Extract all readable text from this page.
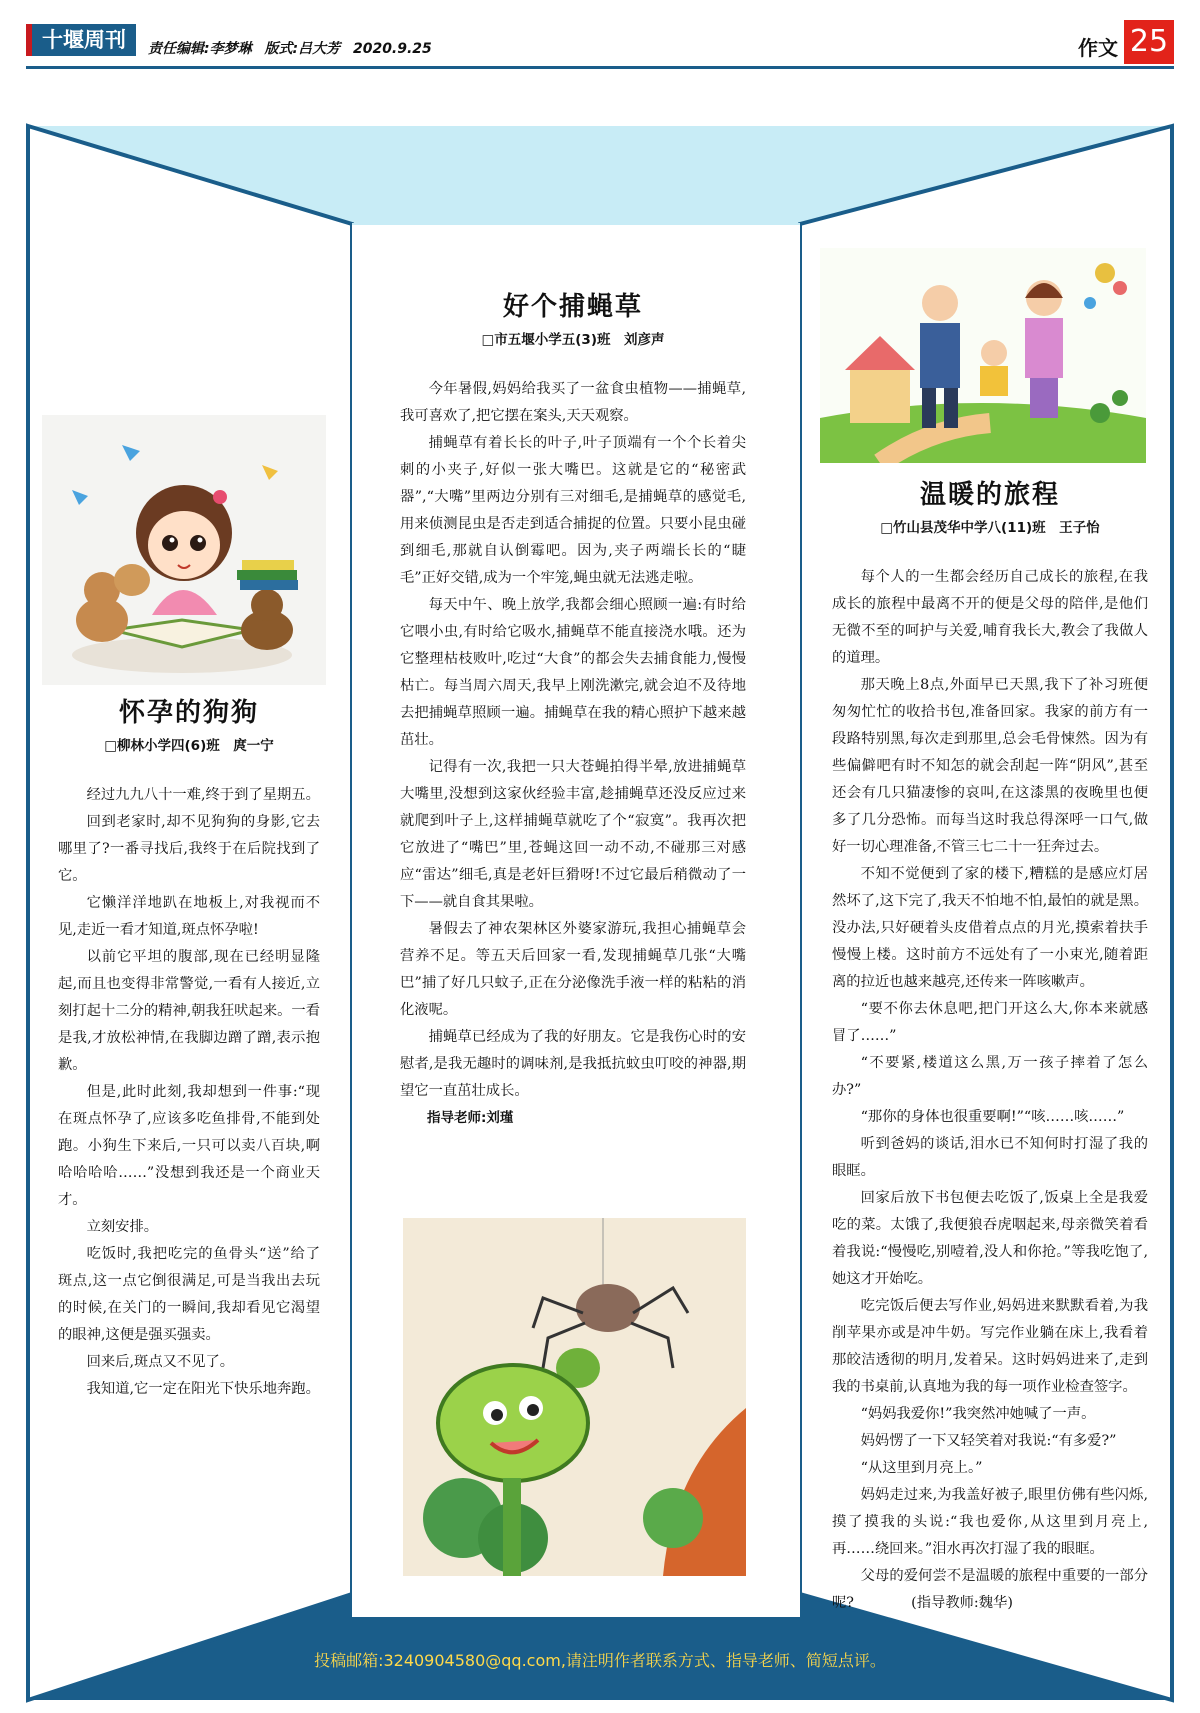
十堰周刊	责任编辑:李梦琳 版式:吕大芳 2020.9.25	作文 25
怀孕的狗狗
□柳林小学四(6)班　庹一宁

经过九九八十一难,终于到了星期五。

回到老家时,却不见狗狗的身影,它去哪里了?一番寻找后,我终于在后院找到了它。

它懒洋洋地趴在地板上,对我视而不见,走近一看才知道,斑点怀孕啦!

以前它平坦的腹部,现在已经明显隆起,而且也变得非常警觉,一看有人接近,立刻打起十二分的精神,朝我狂吠起来。一看是我,才放松神情,在我脚边蹭了蹭,表示抱歉。

但是,此时此刻,我却想到一件事:“现在斑点怀孕了,应该多吃鱼排骨,不能到处跑。小狗生下来后,一只可以卖八百块,啊哈哈哈哈……”没想到我还是一个商业天才。

立刻安排。

吃饭时,我把吃完的鱼骨头“送”给了斑点,这一点它倒很满足,可是当我出去玩的时候,在关门的一瞬间,我却看见它渴望的眼神,这便是强买强卖。

回来后,斑点又不见了。

我知道,它一定在阳光下快乐地奔跑。

好个捕蝇草
□市五堰小学五(3)班　刘彦声

今年暑假,妈妈给我买了一盆食虫植物——捕蝇草,我可喜欢了,把它摆在案头,天天观察。

捕蝇草有着长长的叶子,叶子顶端有一个个长着尖刺的小夹子,好似一张大嘴巴。这就是它的“秘密武器”,“大嘴”里两边分别有三对细毛,是捕蝇草的感觉毛,用来侦测昆虫是否走到适合捕捉的位置。只要小昆虫碰到细毛,那就自认倒霉吧。因为,夹子两端长长的“睫毛”正好交错,成为一个牢笼,蝇虫就无法逃走啦。

每天中午、晚上放学,我都会细心照顾一遍:有时给它喂小虫,有时给它吸水,捕蝇草不能直接浇水哦。还为它整理枯枝败叶,吃过“大食”的都会失去捕食能力,慢慢枯亡。每当周六周天,我早上刚洗漱完,就会迫不及待地去把捕蝇草照顾一遍。捕蝇草在我的精心照护下越来越茁壮。

记得有一次,我把一只大苍蝇拍得半晕,放进捕蝇草大嘴里,没想到这家伙经验丰富,趁捕蝇草还没反应过来就爬到叶子上,这样捕蝇草就吃了个“寂寞”。我再次把它放进了“嘴巴”里,苍蝇这回一动不动,不碰那三对感应“雷达”细毛,真是老奸巨猾呀!不过它最后稍微动了一下——就自食其果啦。

暑假去了神农架林区外婆家游玩,我担心捕蝇草会营养不足。等五天后回家一看,发现捕蝇草几张“大嘴巴”捕了好几只蚊子,正在分泌像洗手液一样的粘粘的消化液呢。

捕蝇草已经成为了我的好朋友。它是我伤心时的安慰者,是我无趣时的调味剂,是我抵抗蚊虫叮咬的神器,期望它一直茁壮成长。

指导老师:刘瑾
温暖的旅程
□竹山县茂华中学八(11)班　王子怡

每个人的一生都会经历自己成长的旅程,在我成长的旅程中最离不开的便是父母的陪伴,是他们无微不至的呵护与关爱,哺育我长大,教会了我做人的道理。

那天晚上8点,外面早已天黑,我下了补习班便匆匆忙忙的收拾书包,准备回家。我家的前方有一段路特别黑,每次走到那里,总会毛骨悚然。因为有些偏僻吧有时不知怎的就会刮起一阵“阴风”,甚至还会有几只猫凄惨的哀叫,在这漆黑的夜晚里也便多了几分恐怖。而每当这时我总得深呼一口气,做好一切心理准备,不管三七二十一狂奔过去。

不知不觉便到了家的楼下,糟糕的是感应灯居然坏了,这下完了,我天不怕地不怕,最怕的就是黑。没办法,只好硬着头皮借着点点的月光,摸索着扶手慢慢上楼。这时前方不远处有了一小束光,随着距离的拉近也越来越亮,还传来一阵咳嗽声。

“要不你去休息吧,把门开这么大,你本来就感冒了……”

“不要紧,楼道这么黑,万一孩子摔着了怎么办?”

“那你的身体也很重要啊!”“咳……咳……”

听到爸妈的谈话,泪水已不知何时打湿了我的眼眶。

回家后放下书包便去吃饭了,饭桌上全是我爱吃的菜。太饿了,我便狼吞虎咽起来,母亲微笑着看着我说:“慢慢吃,别噎着,没人和你抢。”等我吃饱了,她这才开始吃。

吃完饭后便去写作业,妈妈进来默默看着,为我削苹果亦或是冲牛奶。写完作业躺在床上,我看着那皎洁透彻的明月,发着呆。这时妈妈进来了,走到我的书桌前,认真地为我的每一项作业检查签字。

“妈妈我爱你!”我突然冲她喊了一声。

妈妈愣了一下又轻笑着对我说:“有多爱?”

“从这里到月亮上。”

妈妈走过来,为我盖好被子,眼里仿佛有些闪烁,摸了摸我的头说:“我也爱你,从这里到月亮上,再……绕回来。”泪水再次打湿了我的眼眶。

父母的爱何尝不是温暖的旅程中重要的一部分呢?　　　　(指导教师:魏华)

投稿邮箱:3240904580@qq.com,请注明作者联系方式、指导老师、简短点评。
